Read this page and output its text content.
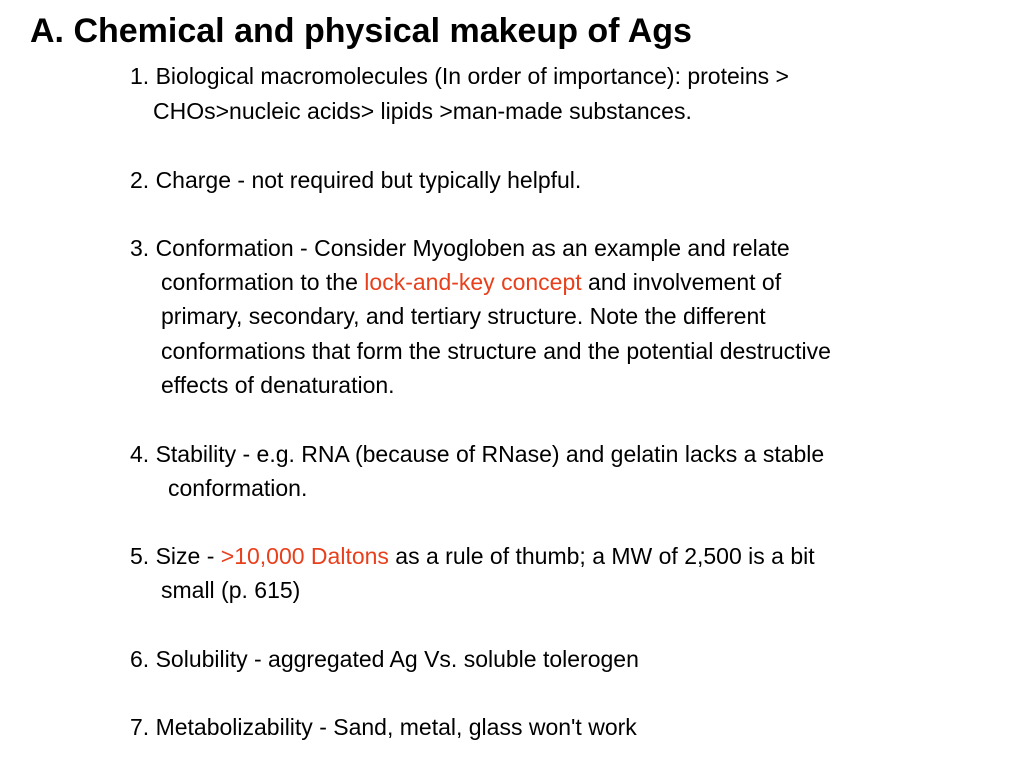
A. Chemical and physical makeup of Ags
1. Biological macromolecules (In order of importance): proteins >
CHOs>nucleic acids> lipids >man-made substances.
2. Charge - not required but typically helpful.
3. Conformation - Consider Myogloben as an example and relate
conformation to the lock-and-key concept and involvement of
primary, secondary, and tertiary structure. Note the different
conformations that form the structure and the potential destructive
effects of denaturation.
4. Stability - e.g. RNA (because of RNase) and gelatin lacks a stable
conformation.
5. Size - >10,000 Daltons as a rule of thumb; a MW of 2,500 is a bit
small (p. 615)
6. Solubility - aggregated Ag Vs. soluble tolerogen
7. Metabolizability - Sand, metal, glass won't work
